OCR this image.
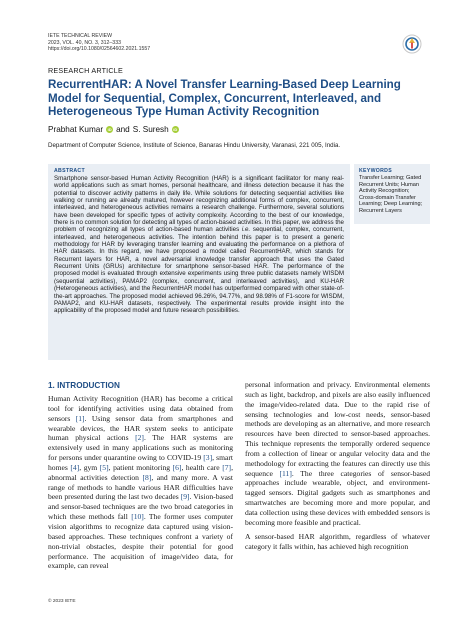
IETE TECHNICAL REVIEW
2023, VOL. 40, NO. 3, 312–333
https://doi.org/10.1080/02564602.2021.1557
RESEARCH ARTICLE
RecurrentHAR: A Novel Transfer Learning-Based Deep Learning Model for Sequential, Complex, Concurrent, Interleaved, and Heterogeneous Type Human Activity Recognition
Prabhat Kumar	iD and S. Suresh	iD
Department of Computer Science, Institute of Science, Banaras Hindu University, Varanasi, 221 005, India.
ABSTRACT
Smartphone sensor-based Human Activity Recognition (HAR) is a significant facilitator for many real-world applications such as smart homes, personal healthcare, and illness detection because it has the potential to discover activity patterns in daily life. While solutions for detecting sequential activities like walking or running are already matured, however recognizing additional forms of complex, concurrent, interleaved, and heterogeneous activities remains a research challenge. Furthermore, several solutions have been developed for specific types of activity complexity. According to the best of our knowledge, there is no common solution for detecting all types of action-based activities. In this paper, we address the problem of recognizing all types of action-based human activities i.e. sequential, complex, concurrent, interleaved, and heterogeneous activities. The intention behind this paper is to present a generic methodology for HAR by leveraging transfer learning and evaluating the performance on a plethora of HAR datasets. In this regard, we have proposed a model called RecurrentHAR, which stands for Recurrent layers for HAR, a novel adversarial knowledge transfer approach that uses the Gated Recurrent Units (GRUs) architecture for smartphone sensor-based HAR. The performance of the proposed model is evaluated through extensive experiments using three public datasets namely WISDM (sequential activities), PAMAP2 (complex, concurrent, and interleaved activities), and KU-HAR (Heterogeneous activities), and the RecurrentHAR model has outperformed compared with other state-of-the-art approaches. The proposed model achieved 96.26%, 94.77%, and 98.98% of F1-score for WISDM, PAMAP2, and KU-HAR datasets, respectively. The experimental results provide insight into the applicability of the proposed model and future research possibilities.
KEYWORDS
Transfer Learning; Gated Recurrent Units; Human Activity Recognition; Cross-domain Transfer Learning; Deep Learning; Recurrent Layers
1. INTRODUCTION

Human Activity Recognition (HAR) has become a critical tool for identifying activities using data obtained from sensors [1]. Using sensor data from smartphones and wearable devices, the HAR system seeks to anticipate human physical actions [2]. The HAR systems are extensively used in many applications such as monitoring for persons under quarantine owing to COVID-19 [3], smart homes [4], gym [5], patient monitoring [6], health care [7], abnormal activities detection [8], and many more. A vast range of methods to handle various HAR difficulties have been presented during the last two decades [9]. Vision-based and sensor-based techniques are the two broad categories in which these methods fall [10]. The former uses computer vision algorithms to recognize data captured using vision-based approaches. These techniques confront a variety of non-trivial obstacles, despite their potential for good performance. The acquisition of image/video data, for example, can reveal

personal information and privacy. Environmental elements such as light, backdrop, and pixels are also easily influenced the image/video-related data. Due to the rapid rise of sensing technologies and low-cost needs, sensor-based methods are developing as an alternative, and more research resources have been directed to sensor-based approaches. This technique represents the temporally ordered sequence from a collection of linear or angular velocity data and the methodology for extracting the features can directly use this sequence [11]. The three categories of sensor-based approaches include wearable, object, and environment-tagged sensors. Digital gadgets such as smartphones and smartwatches are becoming more and more popular, and data collection using these devices with embedded sensors is becoming more feasible and practical.

A sensor-based HAR algorithm, regardless of whatever category it falls within, has achieved high recognition

© 2023 IETE
